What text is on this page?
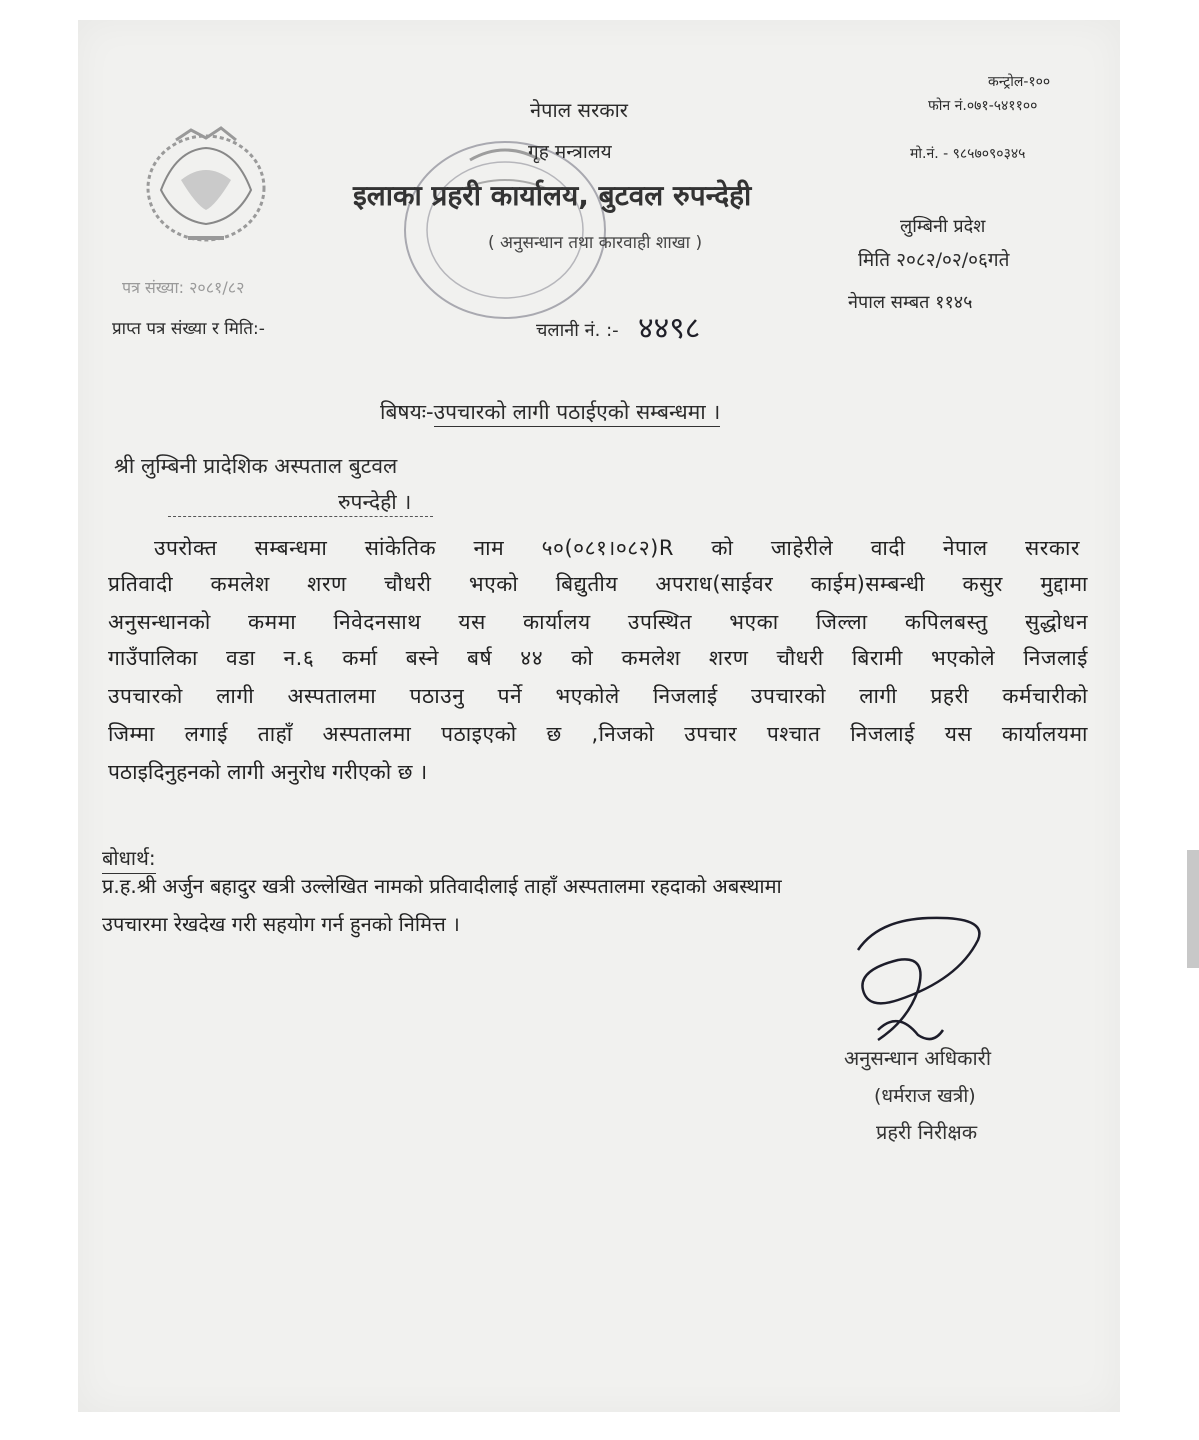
नेपाल सरकार
गृह मन्त्रालय
इलाका प्रहरी कार्यालय, बुटवल रुपन्देही
( अनुसन्धान तथा कारवाही शाखा )
कन्ट्रोल-१००
फोन नं.०७१-५४११००
मो.नं. - ९८५७०९०३४५
लुम्बिनी प्रदेश
मिति २०८२/०२/०६गते
नेपाल सम्बत ११४५
पत्र संख्या: २०८१/८२
प्राप्त पत्र संख्या र मिति:-	चलानी नं. :- ४४९८
बिषयः-उपचारको लागी पठाईएको सम्बन्धमा ।
श्री लुम्बिनी प्रादेशिक अस्पताल बुटवल
रुपन्देही ।
उपरोक्त सम्बन्धमा सांकेतिक नाम ५०(०८१।०८२)R को जाहेरीले वादी नेपाल सरकार
प्रतिवादी कमलेश शरण चौधरी भएको बिद्युतीय अपराध(साईवर काईम)सम्बन्धी कसुर मुद्दामा
अनुसन्धानको कममा निवेदनसाथ यस कार्यालय उपस्थित भएका जिल्ला कपिलबस्तु सुद्धोधन
गाउँपालिका वडा न.६ कर्मा बस्ने बर्ष ४४ को कमलेश शरण चौधरी बिरामी भएकोले निजलाई
उपचारको लागी अस्पतालमा पठाउनु पर्ने भएकोले निजलाई उपचारको लागी प्रहरी कर्मचारीको
जिम्मा लगाई ताहाँ अस्पतालमा पठाइएको छ ,निजको उपचार पश्चात निजलाई यस कार्यालयमा
पठाइदिनुहनको लागी अनुरोध गरीएको छ ।
बोधार्थ:
प्र.ह.श्री अर्जुन बहादुर खत्री उल्लेखित नामको प्रतिवादीलाई ताहाँ अस्पतालमा रहदाको अबस्थामा
उपचारमा रेखदेख गरी सहयोग गर्न हुनको निमित्त ।
अनुसन्धान अधिकारी
(धर्मराज खत्री)
प्रहरी निरीक्षक
